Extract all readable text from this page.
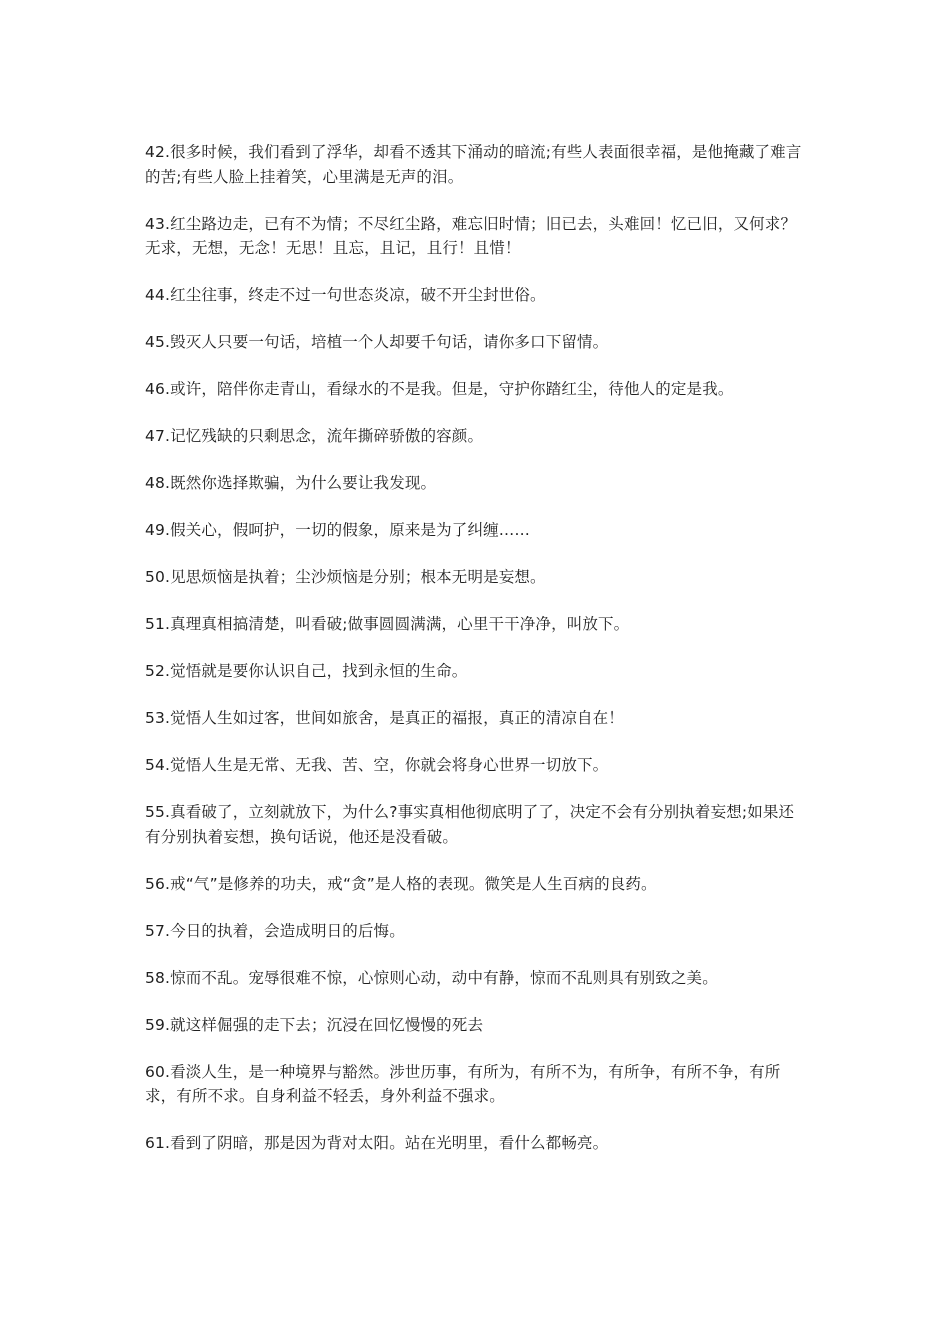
42.很多时候，我们看到了浮华，却看不透其下涌动的暗流;有些人表面很幸福，是他掩藏了难言的苦;有些人脸上挂着笑，心里满是无声的泪。

43.红尘路边走，已有不为情；不尽红尘路，难忘旧时情；旧已去，头难回！忆已旧，又何求？无求，无想，无念！无思！且忘，且记，且行！且惜！

44.红尘往事，终走不过一句世态炎凉，破不开尘封世俗。

45.毁灭人只要一句话，培植一个人却要千句话，请你多口下留情。

46.或许，陪伴你走青山，看绿水的不是我。但是，守护你踏红尘，待他人的定是我。

47.记忆残缺的只剩思念，流年撕碎骄傲的容颜。

48.既然你选择欺骗，为什么要让我发现。

49.假关心，假呵护，一切的假象，原来是为了纠缠……

50.见思烦恼是执着；尘沙烦恼是分别；根本无明是妄想。

51.真理真相搞清楚，叫看破;做事圆圆满满，心里干干净净，叫放下。

52.觉悟就是要你认识自己，找到永恒的生命。

53.觉悟人生如过客，世间如旅舍，是真正的福报，真正的清凉自在！

54.觉悟人生是无常、无我、苦、空，你就会将身心世界一切放下。

55.真看破了，立刻就放下，为什么?事实真相他彻底明了了，决定不会有分别执着妄想;如果还有分别执着妄想，换句话说，他还是没看破。

56.戒“气”是修养的功夫，戒“贪”是人格的表现。微笑是人生百病的良药。

57.今日的执着，会造成明日的后悔。

58.惊而不乱。宠辱很难不惊，心惊则心动，动中有静，惊而不乱则具有别致之美。

59.就这样倔强的走下去；沉浸在回忆慢慢的死去

60.看淡人生，是一种境界与豁然。涉世历事，有所为，有所不为，有所争，有所不争，有所求，有所不求。自身利益不轻丢，身外利益不强求。

61.看到了阴暗，那是因为背对太阳。站在光明里，看什么都畅亮。
